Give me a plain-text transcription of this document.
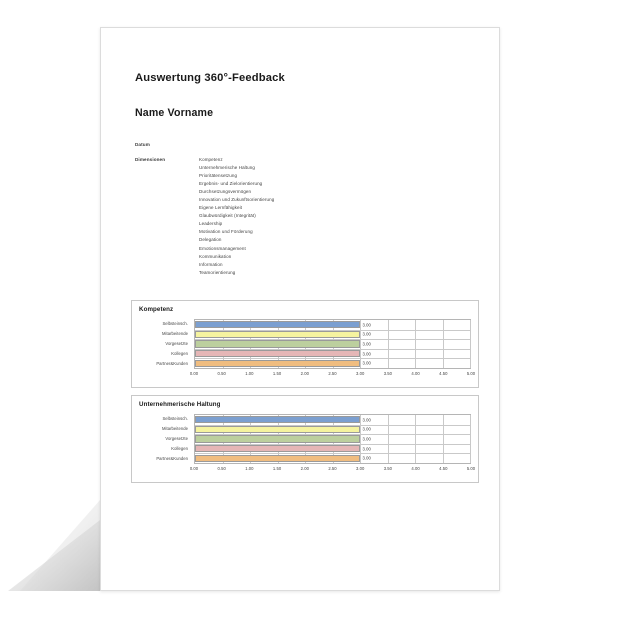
Auswertung 360°-Feedback
Name Vorname
Datum
Dimensionen	Kompetenz
Unternehmerische Haltung
Prioritätensetzung
Ergebnis- und Zielorientierung
Durchsetzungsvermögen
Innovation und Zukunftsorientierung
Eigene Lernfähigkeit
Glaubwürdigkeit (Integrität)
Leadership
Motivation und Förderung
Delegation
Emotionsmanagement
Kommunikation
Information
Teamorientierung
Kompetenz
Selbsteinsch.
Mitarbeitende
Vorgesetzte
Kollegen
Partner&Kunden
3.00
3.00
3.00
3.00
3.00
0.00	0.50	1.00	1.50	2.00	2.50	3.00	3.50	4.00	4.50	5.00
Unternehmerische Haltung
Selbsteinsch.
Mitarbeitende
Vorgesetzte
Kollegen
Partner&Kunden
3.00
3.00
3.00
3.00
3.00
0.00	0.50	1.00	1.50	2.00	2.50	3.00	3.50	4.00	4.50	5.00
